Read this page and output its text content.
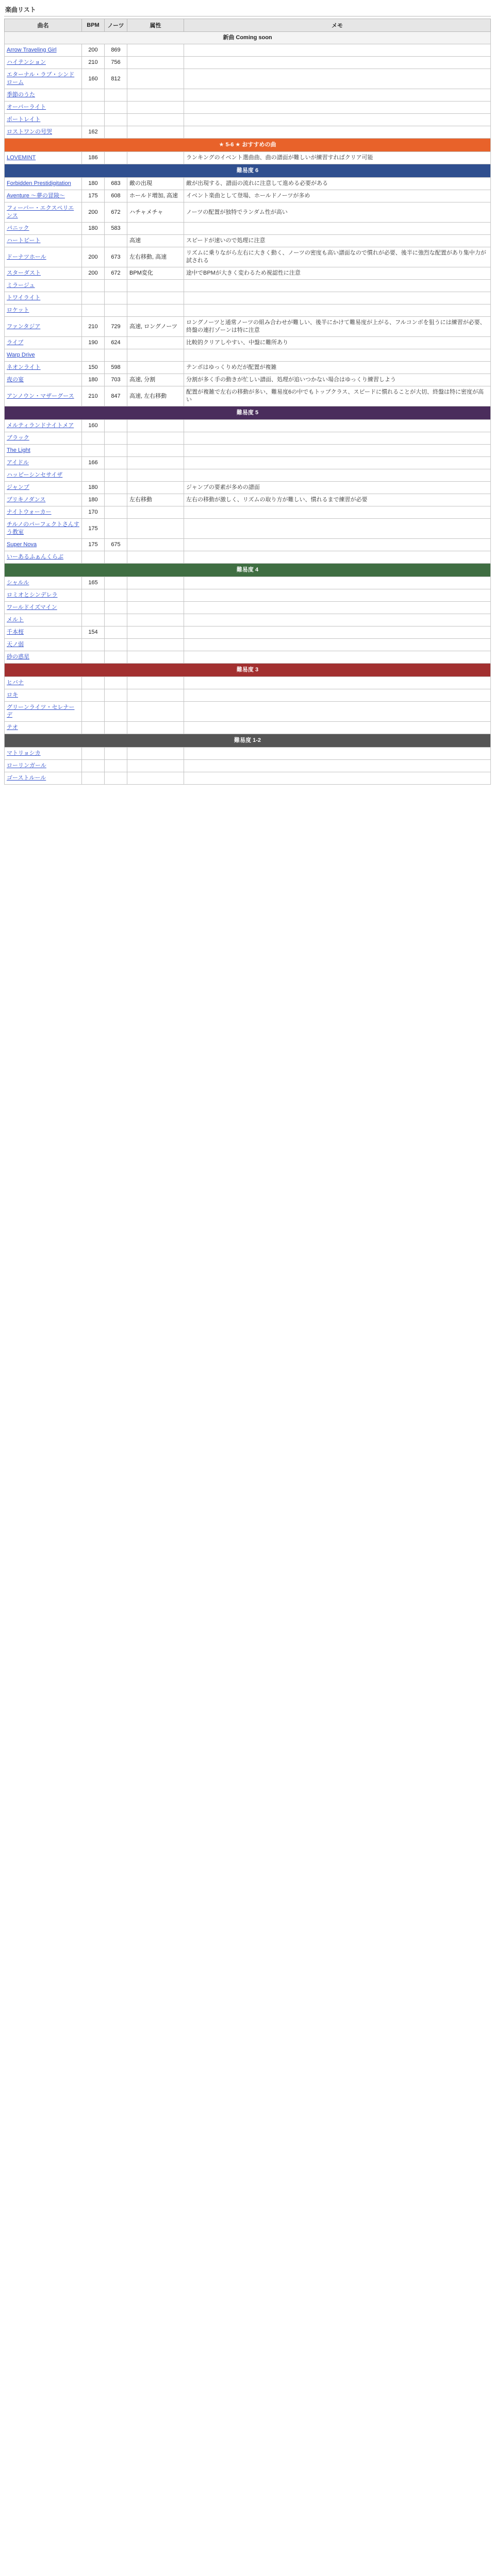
楽曲リスト
曲名	BPM	ノーツ	属性	メモ
新曲 Coming soon				
Arrow Traveling Girl	200	869		
ハイテンション	210	756		
エターナル・ラブ・シンドローム	160	812		
季節のうた				
オーバーライト				
ポートレイト				
ロストワンの号哭	162			
★ 5-6 ★ おすすめの曲				
LOVEMINT	186			ランキングのイベント選曲曲、曲の譜面が難しいが練習すればクリア可能
難易度 6				
Forbidden Prestidigitation	180	683	敵の出現	敵が出現する、譜面の流れに注意して進める必要がある
Aventure ～夢の冒険～	175	608	ホールド増加, 高速	イベント楽曲として登場、ホールドノーツが多め
フィーバー・エクスペリエンス	200	672	ハチャメチャ	ノーツの配置が独特でランダム性が高い
パニック	180	583		
ハートビート			高速	スピードが速いので処理に注意
ドーナツホール	200	673	左右移動, 高速	リズムに乗りながら左右に大きく動く、ノーツの密度も高い譜面なので慣れが必要、後半に強烈な配置があり集中力が試される
スターダスト	200	672	BPM変化	途中でBPMが大きく変わるため視認性に注意
ミラージュ				
トワイライト				
ロケット				
ファンタジア	210	729	高速, ロングノーツ	ロングノーツと通常ノーツの組み合わせが難しい、後半にかけて難易度が上がる、フルコンボを狙うには練習が必要、終盤の連打ゾーンは特に注意
ライブ	190	624		比較的クリアしやすい、中盤に難所あり
Warp Drive				
ネオンライト	150	598		テンポはゆっくりめだが配置が複雑
夜の宴	180	703	高速, 分割	分割が多く手の動きが忙しい譜面、処理が追いつかない場合はゆっくり練習しよう
アンノウン・マザーグース	210	847	高速, 左右移動	配置が複雑で左右の移動が多い、難易度6の中でもトップクラス、スピードに慣れることが大切、終盤は特に密度が高い
難易度 5				
メルティランドナイトメア	160			
ブラック				
The Light				
アイドル	166			
ハッピーシンセサイザ				
ジャンプ	180			ジャンプの要素が多めの譜面
ブリキノダンス	180		左右移動	左右の移動が激しく、リズムの取り方が難しい、慣れるまで練習が必要
ナイトウォーカー	170			
チルノのパーフェクトさんすう教室	175			
Super Nova	175	675		
いーあるふぁんくらぶ				
難易度 4				
シャルル	165			
ロミオとシンデレラ				
ワールドイズマイン				
メルト				
千本桜	154			
天ノ弱				
砂の惑星				
難易度 3				
ヒバナ				
ロキ				
グリーンライツ・セレナーデ				
テオ				
難易度 1-2				
マトリョシカ				
ローリンガール				
ゴーストルール				
